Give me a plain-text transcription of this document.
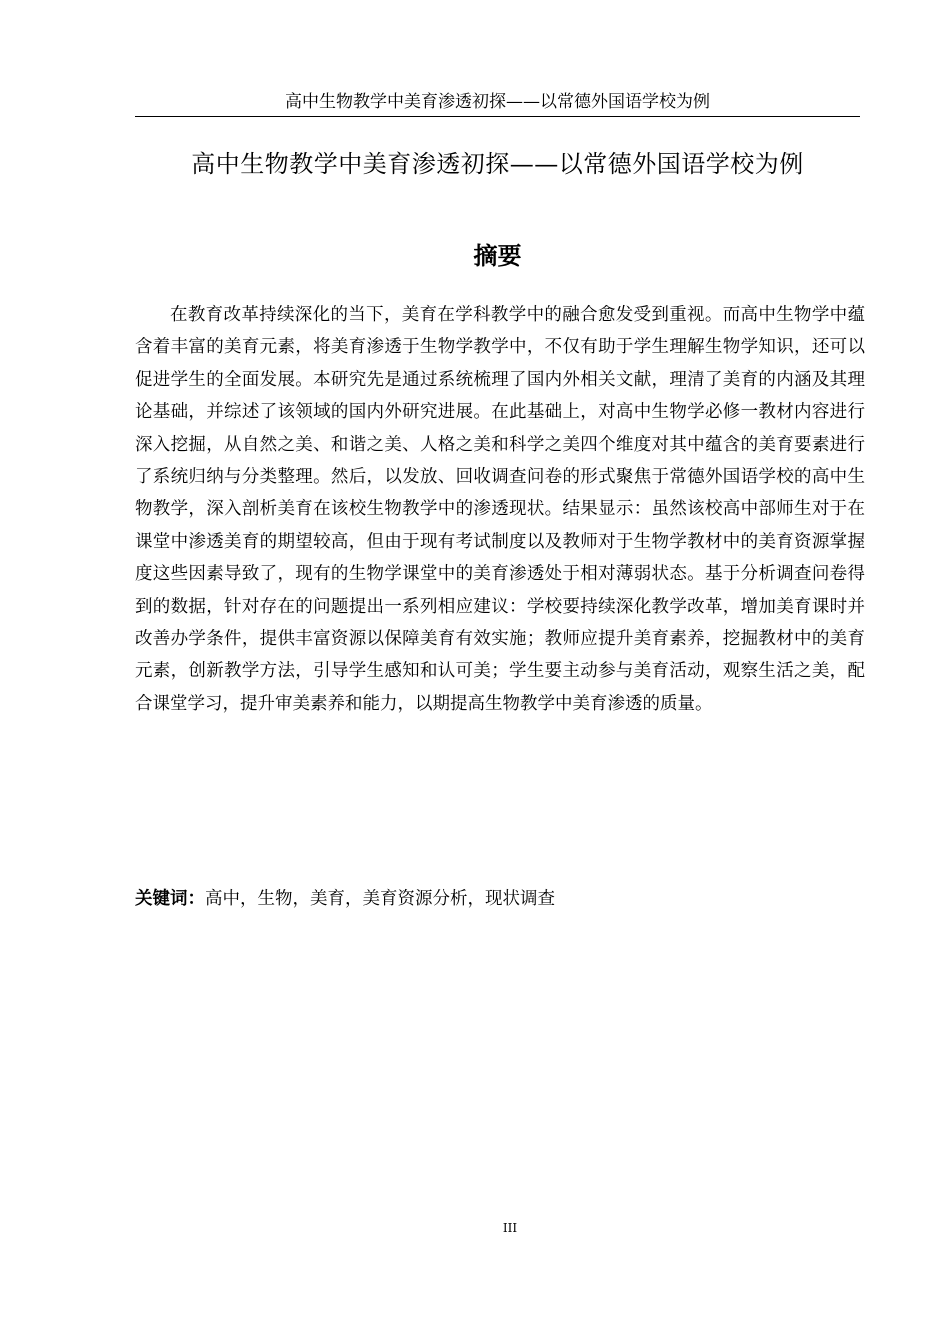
高中生物教学中美育渗透初探——以常德外国语学校为例
高中生物教学中美育渗透初探——以常德外国语学校为例
摘要

在教育改革持续深化的当下，美育在学科教学中的融合愈发受到重视。而高中生物学中蕴含着丰富的美育元素，将美育渗透于生物学教学中，不仅有助于学生理解生物学知识，还可以促进学生的全面发展。本研究先是通过系统梳理了国内外相关文献，理清了美育的内涵及其理论基础，并综述了该领域的国内外研究进展。在此基础上，对高中生物学必修一教材内容进行深入挖掘，从自然之美、和谐之美、人格之美和科学之美四个维度对其中蕴含的美育要素进行了系统归纳与分类整理。然后，以发放、回收调查问卷的形式聚焦于常德外国语学校的高中生物教学，深入剖析美育在该校生物教学中的渗透现状。结果显示：虽然该校高中部师生对于在课堂中渗透美育的期望较高，但由于现有考试制度以及教师对于生物学教材中的美育资源掌握度这些因素导致了，现有的生物学课堂中的美育渗透处于相对薄弱状态。基于分析调查问卷得到的数据，针对存在的问题提出一系列相应建议：学校要持续深化教学改革，增加美育课时并改善办学条件，提供丰富资源以保障美育有效实施；教师应提升美育素养，挖掘教材中的美育元素，创新教学方法，引导学生感知和认可美；学生要主动参与美育活动，观察生活之美，配合课堂学习，提升审美素养和能力，以期提高生物教学中美育渗透的质量。

关键词：高中，生物，美育，美育资源分析，现状调查
III
